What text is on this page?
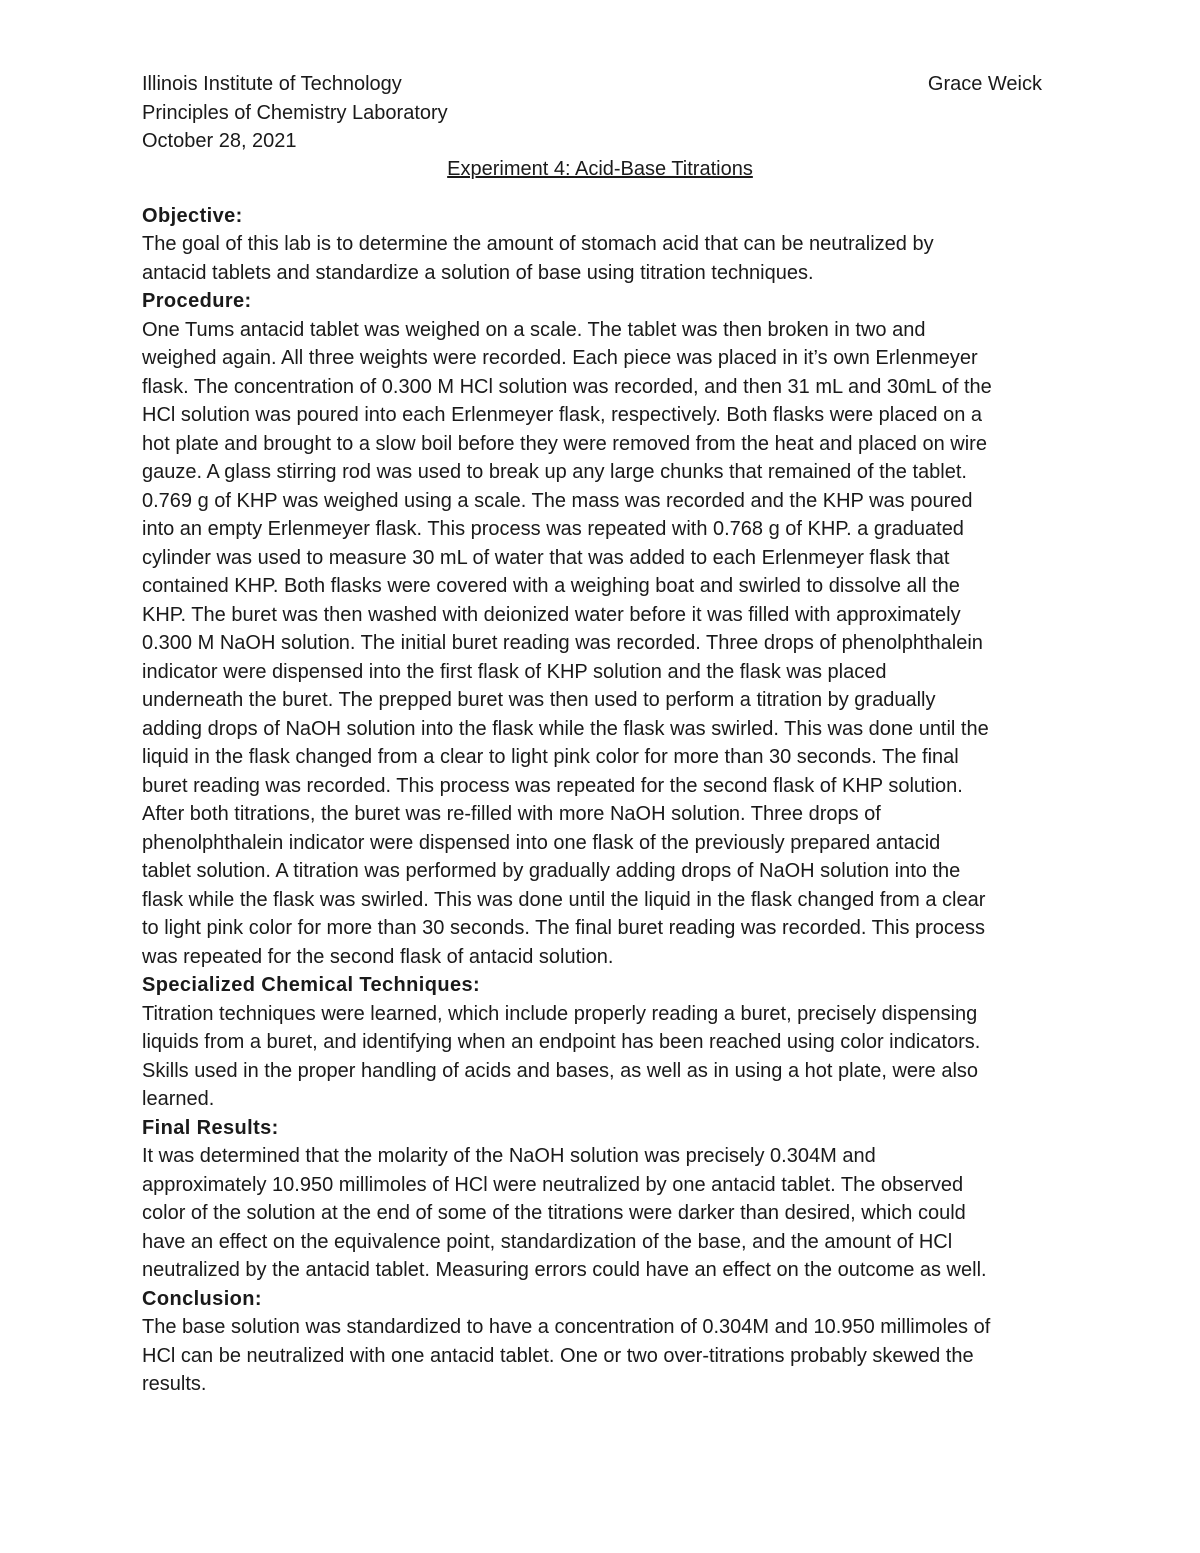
Illinois Institute of Technology	Grace Weick
Principles of Chemistry Laboratory
October 28, 2021
Experiment 4: Acid-Base Titrations
Objective:
The goal of this lab is to determine the amount of stomach acid that can be neutralized by
antacid tablets and standardize a solution of base using titration techniques.
Procedure:
One Tums antacid tablet was weighed on a scale. The tablet was then broken in two and
weighed again. All three weights were recorded. Each piece was placed in it’s own Erlenmeyer
flask. The concentration of 0.300 M HCl solution was recorded, and then 31 mL and 30mL of the
HCl solution was poured into each Erlenmeyer flask, respectively. Both flasks were placed on a
hot plate and brought to a slow boil before they were removed from the heat and placed on wire
gauze. A glass stirring rod was used to break up any large chunks that remained of the tablet.
0.769 g of KHP was weighed using a scale. The mass was recorded and the KHP was poured
into an empty Erlenmeyer flask. This process was repeated with 0.768 g of KHP. a graduated
cylinder was used to measure 30 mL of water that was added to each Erlenmeyer flask that
contained KHP. Both flasks were covered with a weighing boat and swirled to dissolve all the
KHP. The buret was then washed with deionized water before it was filled with approximately
0.300 M NaOH solution. The initial buret reading was recorded. Three drops of phenolphthalein
indicator were dispensed into the first flask of KHP solution and the flask was placed
underneath the buret. The prepped buret was then used to perform a titration by gradually
adding drops of NaOH solution into the flask while the flask was swirled. This was done until the
liquid in the flask changed from a clear to light pink color for more than 30 seconds. The final
buret reading was recorded. This process was repeated for the second flask of KHP solution.
After both titrations, the buret was re-filled with more NaOH solution. Three drops of
phenolphthalein indicator were dispensed into one flask of the previously prepared antacid
tablet solution. A titration was performed by gradually adding drops of NaOH solution into the
flask while the flask was swirled. This was done until the liquid in the flask changed from a clear
to light pink color for more than 30 seconds. The final buret reading was recorded. This process
was repeated for the second flask of antacid solution.
Specialized Chemical Techniques:
Titration techniques were learned, which include properly reading a buret, precisely dispensing
liquids from a buret, and identifying when an endpoint has been reached using color indicators.
Skills used in the proper handling of acids and bases, as well as in using a hot plate, were also
learned.
Final Results:
It was determined that the molarity of the NaOH solution was precisely 0.304M and
approximately 10.950 millimoles of HCl were neutralized by one antacid tablet. The observed
color of the solution at the end of some of the titrations were darker than desired, which could
have an effect on the equivalence point, standardization of the base, and the amount of HCl
neutralized by the antacid tablet. Measuring errors could have an effect on the outcome as well.
Conclusion:
The base solution was standardized to have a concentration of 0.304M and 10.950 millimoles of
HCl can be neutralized with one antacid tablet. One or two over-titrations probably skewed the
results.
